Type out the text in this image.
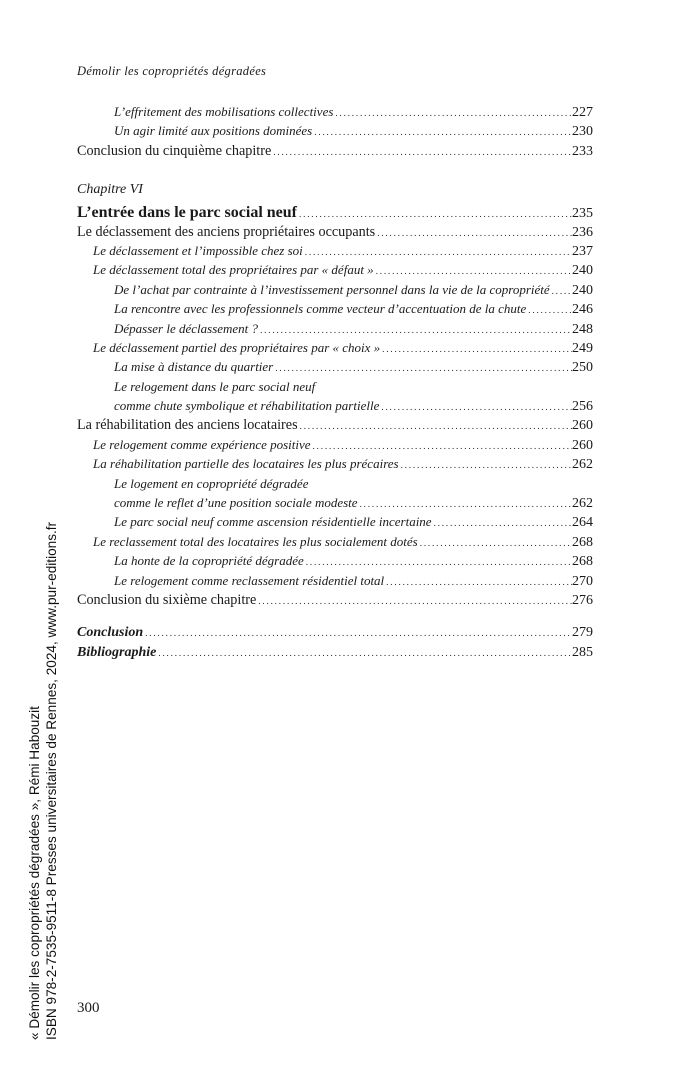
Démolir les copropriétés dégradées
L’effritement des mobilisations collectives . . .	227
Un agir limité aux positions dominées . . .	230
Conclusion du cinquième chapitre . . .	233
Chapitre VI
L’entrée dans le parc social neuf . . .	235
Le déclassement des anciens propriétaires occupants . . .	236
Le déclassement et l’impossible chez soi . . .	237
Le déclassement total des propriétaires par « défaut » . . .	240
De l’achat par contrainte à l’investissement personnel dans la vie de la copropriété . . . 240
La rencontre avec les professionnels comme vecteur d’accentuation de la chute . . .	246
Dépasser le déclassement ? . . .	248
Le déclassement partiel des propriétaires par « choix » . . .	249
La mise à distance du quartier . . .	250
Le relogement dans le parc social neuf
comme chute symbolique et réhabilitation partielle . . .	256
La réhabilitation des anciens locataires . . .	260
Le relogement comme expérience positive . . .	260
La réhabilitation partielle des locataires les plus précaires . . .	262
Le logement en copropriété dégradée
comme le reflet d’une position sociale modeste . . .	262
Le parc social neuf comme ascension résidentielle incertaine . . .	264
Le reclassement total des locataires les plus socialement dotés . . .	268
La honte de la copropriété dégradée . . .	268
Le relogement comme reclassement résidentiel total . . .	270
Conclusion du sixième chapitre . . .	276
Conclusion . . .	279
Bibliographie . . .	285
300
« Démolir les copropriétés dégradées », Rémi Habouzit ISBN 978-2-7535-9511-8 Presses universitaires de Rennes, 2024, www.pur-editions.fr
